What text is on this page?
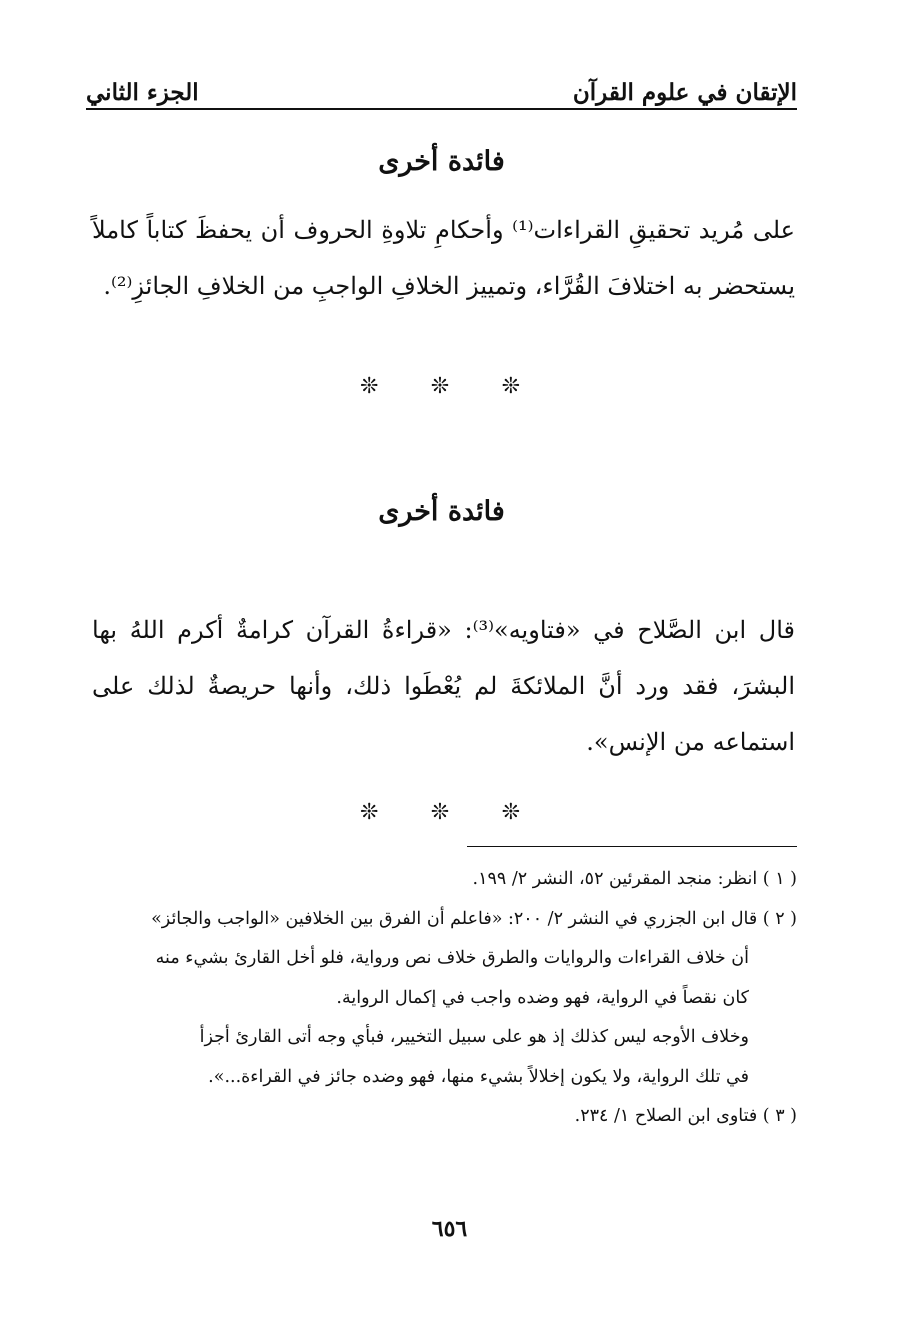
الإتقان في علوم القرآن
الجزء الثاني
فائدة أخرى
على مُريد تحقيقِ القراءات⁽¹⁾ وأحكامِ تلاوةِ الحروف أن يحفظَ كتاباً كاملاً يستحضر به اختلافَ القُرَّاء، وتمييز الخلافِ الواجبِ من الخلافِ الجائزِ⁽²⁾.
❊ ❊ ❊
فائدة أخرى
قال ابن الصَّلاح في «فتاويه»⁽³⁾: «قراءةُ القرآن كرامةٌ أكرم اللهُ بها البشرَ، فقد ورد أنَّ الملائكةَ لم يُعْطَوا ذلك، وأنها حريصةٌ لذلك على استماعه من الإنس».
❊ ❊ ❊
( ١ ) انظر: منجد المقرئين ٥٢، النشر ٢/ ١٩٩.
( ٢ ) قال ابن الجزري في النشر ٢/ ٢٠٠: «فاعلم أن الفرق بين الخلافين «الواجب والجائز»
أن خلاف القراءات والروايات والطرق خلاف نص ورواية، فلو أخل القارئ بشيء منه
كان نقصاً في الرواية، فهو وضده واجب في إكمال الرواية.
وخلاف الأوجه ليس كذلك إذ هو على سبيل التخيير، فبأي وجه أتى القارئ أجزأ
في تلك الرواية، ولا يكون إخلالاً بشيء منها، فهو وضده جائز في القراءة...».
( ٣ ) فتاوى ابن الصلاح ١/ ٢٣٤.
٦٥٦
